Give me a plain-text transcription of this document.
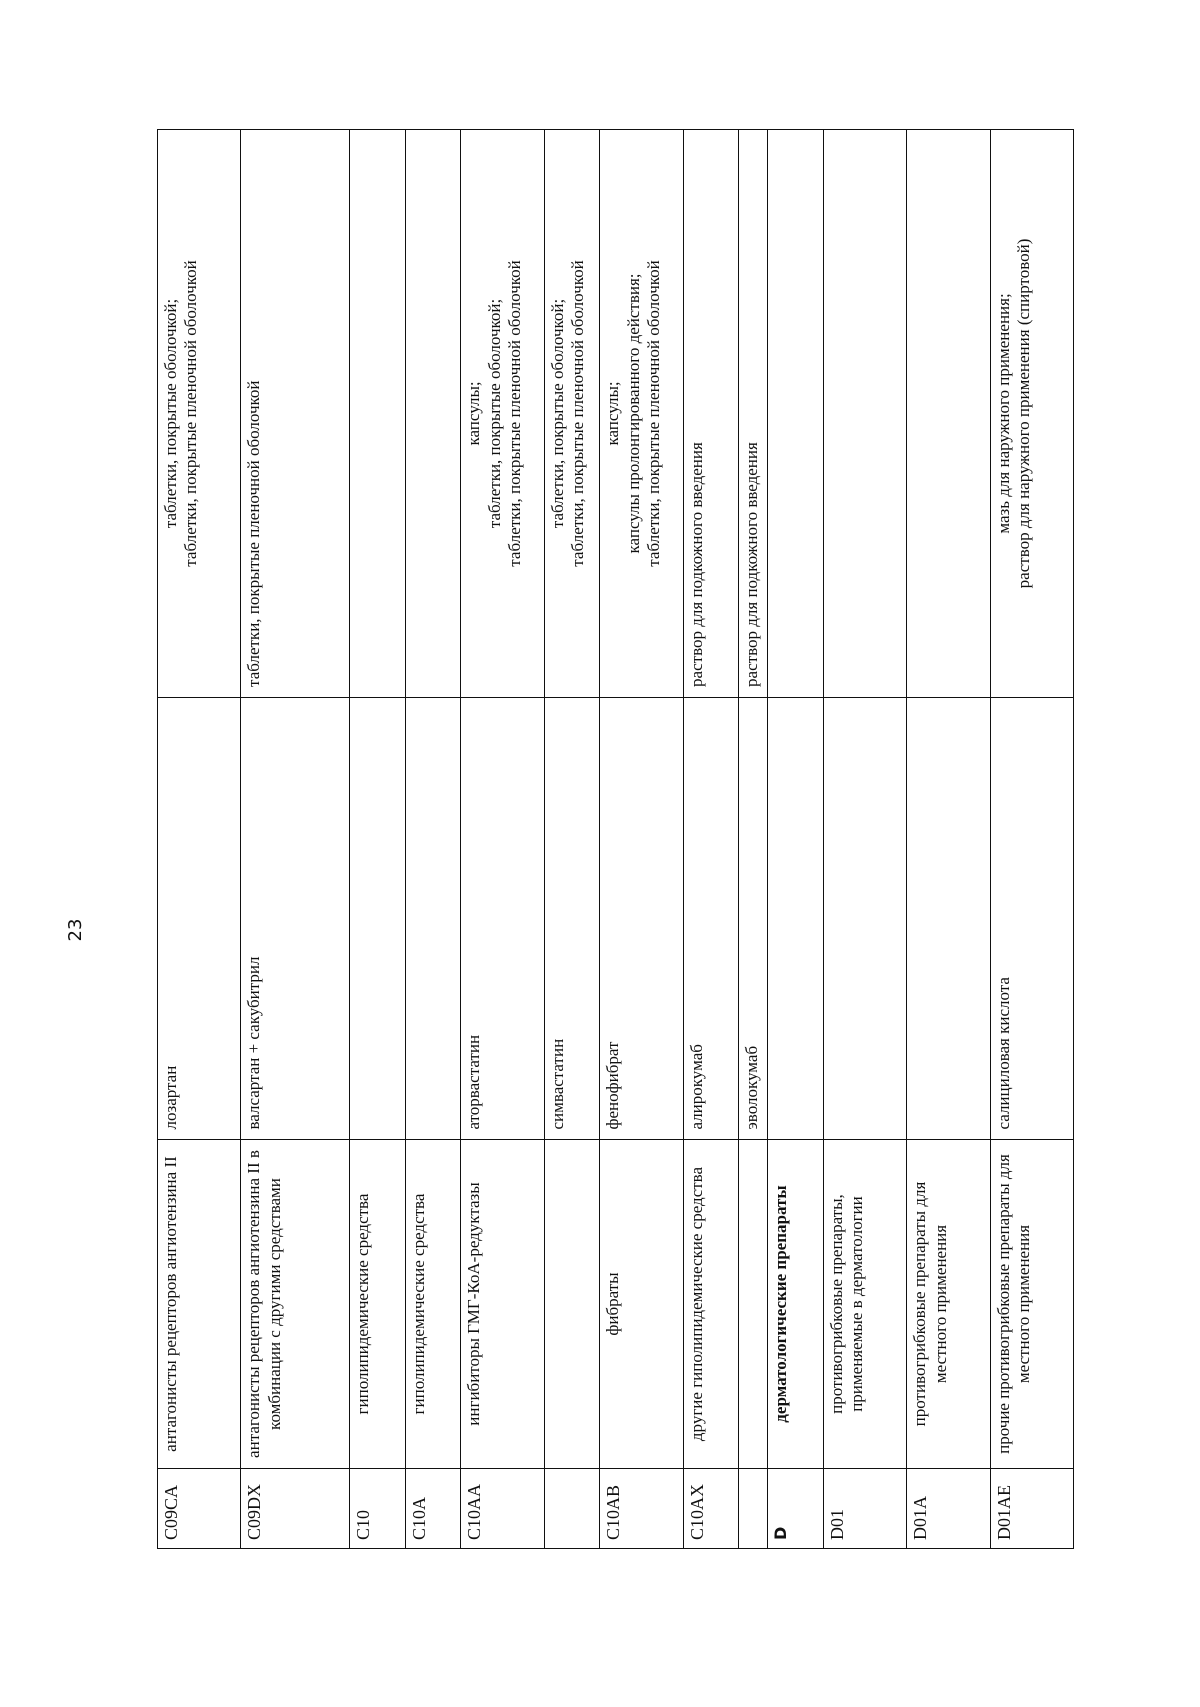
23
C09CA	антагонисты рецепторов ангиотензина II	лозартан	таблетки, покрытые оболочкой; таблетки, покрытые пленочной оболочкой

C09DX	антагонисты рецепторов ангиотензина II в комбинации с другими средствами	валсартан + сакубитрил	таблетки, покрытые пленочной оболочкой

C10	гиполипидемические средства		
C10A	гиполипидемические средства		
C10AA	ингибиторы ГМГ-КоА-редуктазы	аторвастатин	капсулы; таблетки, покрытые оболочкой; таблетки, покрытые пленочной оболочкой

		симвастатин	таблетки, покрытые оболочкой; таблетки, покрытые пленочной оболочкой

C10AB	фибраты	фенофибрат	капсулы; капсулы пролонгированного действия; таблетки, покрытые пленочной оболочкой

C10AX	другие гиполипидемические средства	алирокумаб	раствор для подкожного введения

		эволокумаб	раствор для подкожного введения

D	дерматологические препараты		
D01	противогрибковые препараты, применяемые в дерматологии		
D01A	противогрибковые препараты для местного применения		
D01AE	прочие противогрибковые препараты для местного применения	салициловая кислота	мазь для наружного применения; раствор для наружного применения (спиртовой)
